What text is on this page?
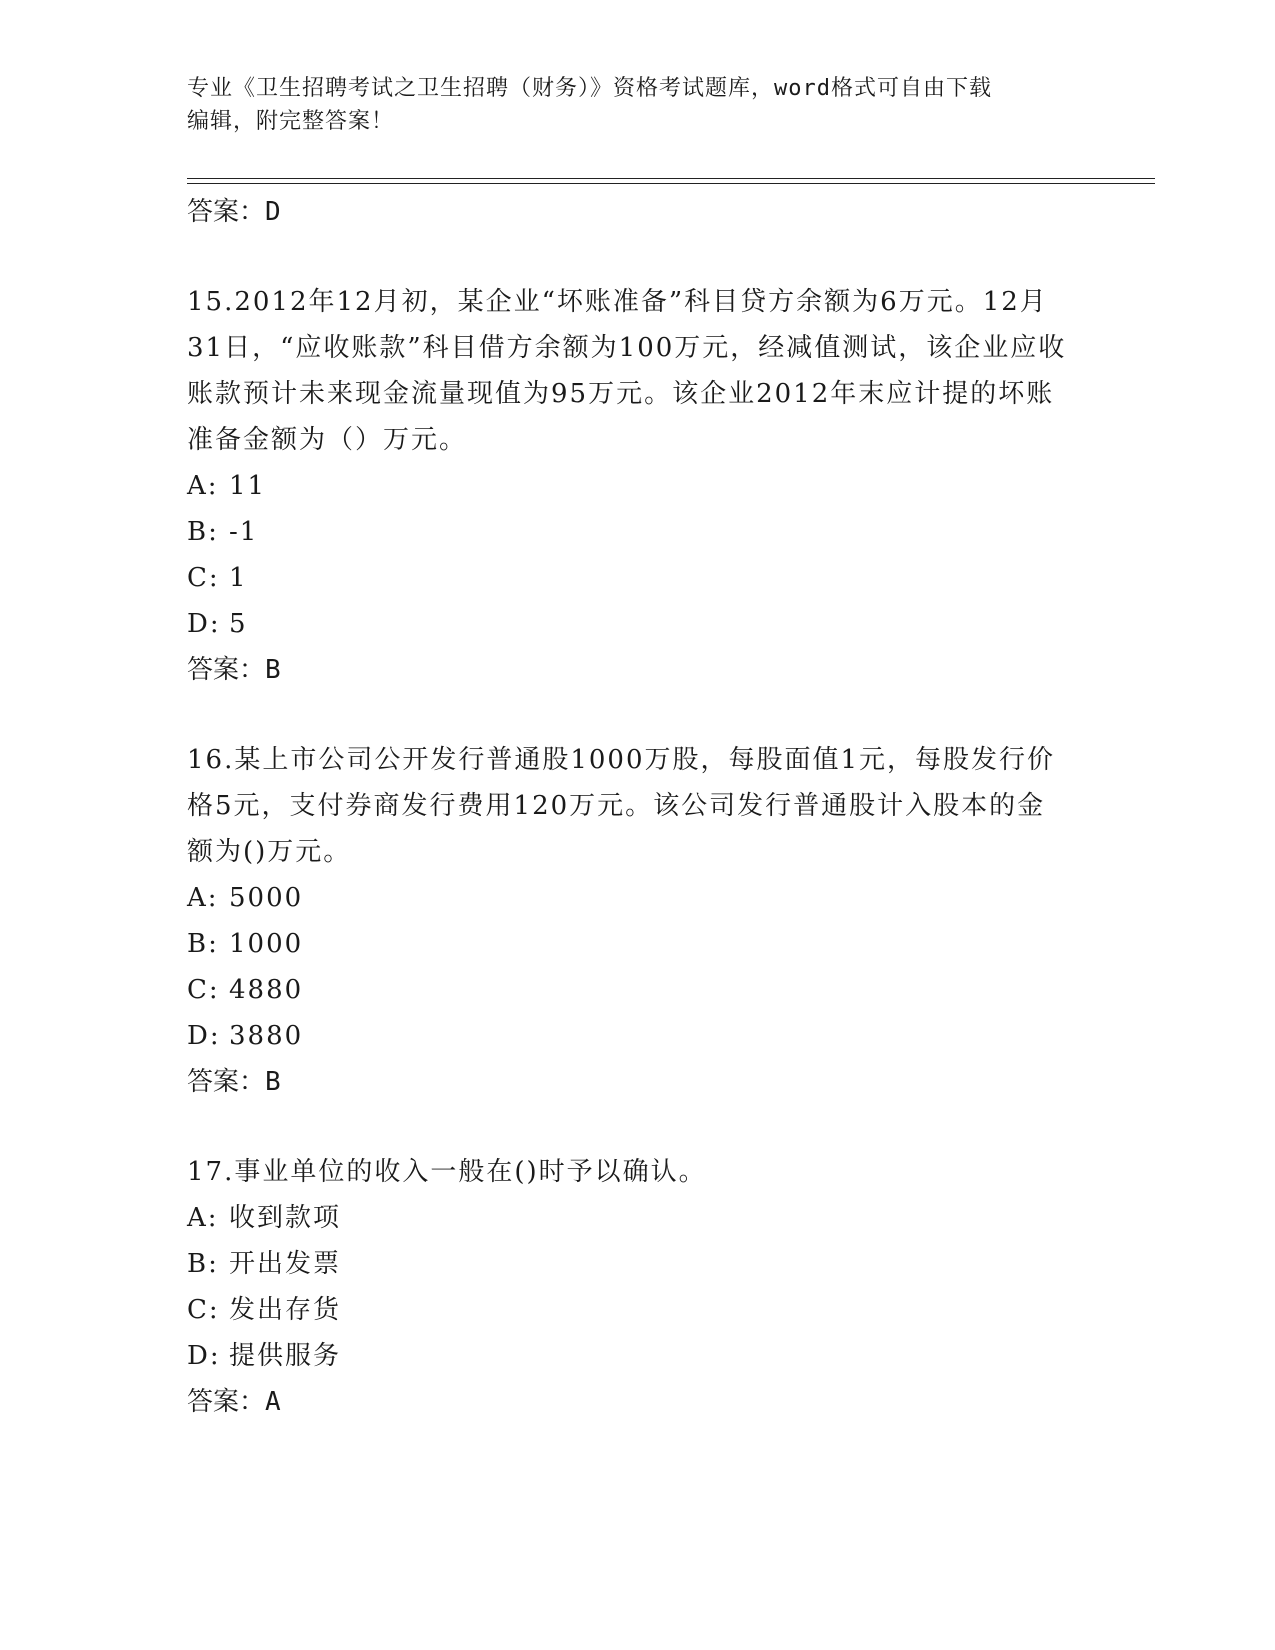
专业《卫生招聘考试之卫生招聘（财务）》资格考试题库，word格式可自由下载
编辑，附完整答案！
答案：D
15.2012年12月初，某企业“坏账准备”科目贷方余额为6万元。12月31日，“应收账款”科目借方余额为100万元，经减值测试，该企业应收账款预计未来现金流量现值为95万元。该企业2012年末应计提的坏账准备金额为（）万元。
A: 11
B: -1
C: 1
D: 5
答案：B
16.某上市公司公开发行普通股1000万股，每股面值1元，每股发行价格5元，支付券商发行费用120万元。该公司发行普通股计入股本的金额为()万元。
A: 5000
B: 1000
C: 4880
D: 3880
答案：B
17.事业单位的收入一般在()时予以确认。
A: 收到款项
B: 开出发票
C: 发出存货
D: 提供服务
答案：A
